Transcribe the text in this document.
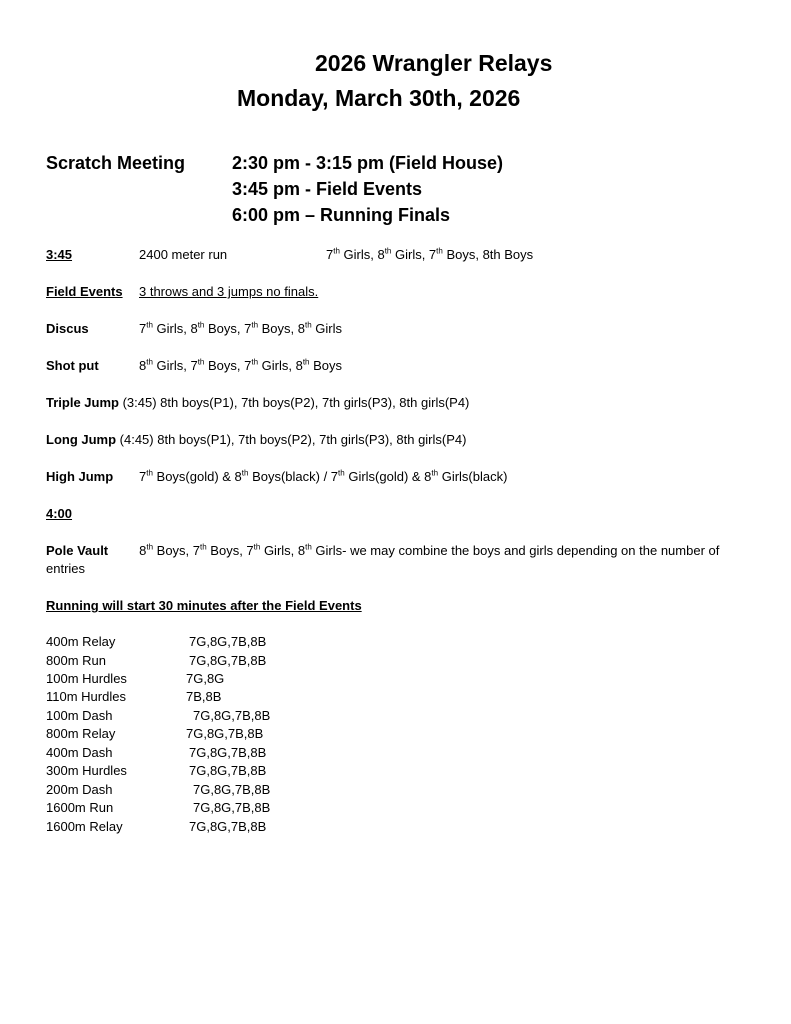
2026 Wrangler Relays
Monday, March 30th, 2026
Scratch Meeting	2:30 pm - 3:15 pm (Field House)
3:45 pm - Field Events
6:00 pm – Running Finals
3:45	2400 meter run	7th Girls, 8th Girls, 7th Boys, 8th Boys
Field Events 3 throws and 3 jumps no finals.
Discus	7th Girls, 8th Boys, 7th Boys, 8th Girls
Shot put	8th Girls, 7th Boys, 7th Girls, 8th Boys
Triple Jump (3:45) 8th boys(P1), 7th boys(P2), 7th girls(P3), 8th girls(P4)
Long Jump (4:45) 8th boys(P1), 7th boys(P2), 7th girls(P3), 8th girls(P4)
High Jump 7th Boys(gold) & 8th Boys(black) / 7th Girls(gold) & 8th Girls(black)
4:00
Pole Vault 8th Boys, 7th Boys, 7th Girls, 8th Girls- we may combine the boys and girls depending on the number of entries
Running will start 30 minutes after the Field Events
400m Relay	7G,8G,7B,8B
800m Run	7G,8G,7B,8B
100m Hurdles	7G,8G
110m Hurdles	7B,8B
100m Dash	7G,8G,7B,8B
800m Relay	7G,8G,7B,8B
400m Dash	7G,8G,7B,8B
300m Hurdles	7G,8G,7B,8B
200m Dash	7G,8G,7B,8B
1600m Run	7G,8G,7B,8B
1600m Relay	7G,8G,7B,8B
